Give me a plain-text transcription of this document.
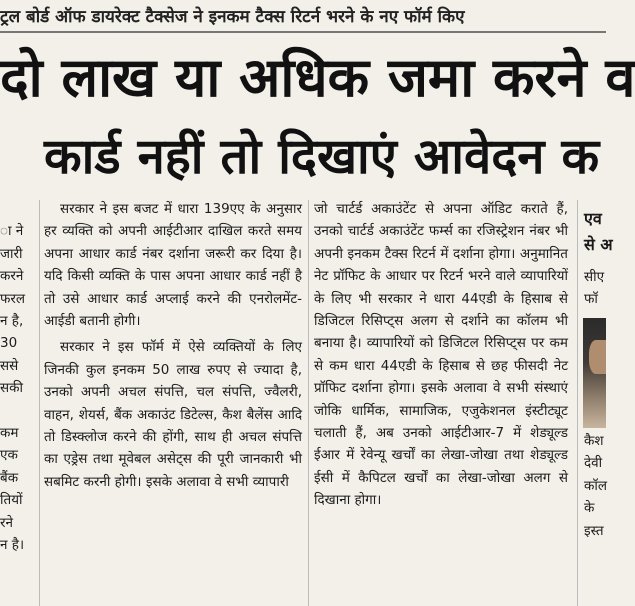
ट्रल बोर्ड ऑफ डायरेक्ट टैक्सेज ने इनकम टैक्स रिटर्न भरने के नए फॉर्म किए
दो लाख या अधिक जमा करने व
कार्ड नहीं तो दिखाएं आवेदन क

ा ने
जारी
करने
फरल
न है,
30
ससे
सकी

कम
एक
बैंक
तियों
रने
न है।

सरकार ने इस बजट में धारा 139एए के अनुसार हर व्यक्ति को अपनी आईटीआर दाखिल करते समय अपना आधार कार्ड नंबर दर्शाना जरूरी कर दिया है। यदि किसी व्यक्ति के पास अपना आधार कार्ड नहीं है तो उसे आधार कार्ड अप्लाई करने की एनरोलमेंट-आईडी बतानी होगी।

सरकार ने इस फॉर्म में ऐसे व्यक्तियों के लिए जिनकी कुल इनकम 50 लाख रुपए से ज्यादा है, उनको अपनी अचल संपत्ति, चल संपत्ति, ज्वैलरी, वाहन, शेयर्स, बैंक अकाउंट डिटेल्स, कैश बैलेंस आदि तो डिस्क्लोज करने की होंगी, साथ ही अचल संपत्ति का एड्रेस तथा मूवेबल असेट्स की पूरी जानकारी भी सबमिट करनी होगी। इसके अलावा वे सभी व्यापारी

जो चार्टर्ड अकाउंटेंट से अपना ऑडिट कराते हैं, उनको चार्टर्ड अकाउंटेंट फर्म्स का रजिस्ट्रेशन नंबर भी अपनी इनकम टैक्स रिटर्न में दर्शाना होगा। अनुमानित नेट प्रॉफिट के आधार पर रिटर्न भरने वाले व्यापारियों के लिए भी सरकार ने धारा 44एडी के हिसाब से डिजिटल रिसिप्ट्स अलग से दर्शाने का कॉलम भी बनाया है। व्यापारियों को डिजिटल रिसिप्ट्स पर कम से कम धारा 44एडी के हिसाब से छह फीसदी नेट प्रॉफिट दर्शाना होगा। इसके अलावा वे सभी संस्थाएं जोकि धार्मिक, सामाजिक, एजुकेशनल इंस्टीट्यूट चलाती हैं, अब उनको आईटीआर-7 में शेड्यूल्ड ईआर में रेवेन्यू खर्चों का लेखा-जोखा तथा शेड्यूल्ड ईसी में कैपिटल खर्चों का लेखा-जोखा अलग से दिखाना होगा।

एव
से अ
सीए
फॉ
कैश
देवी
कॉल
के
इस्त
